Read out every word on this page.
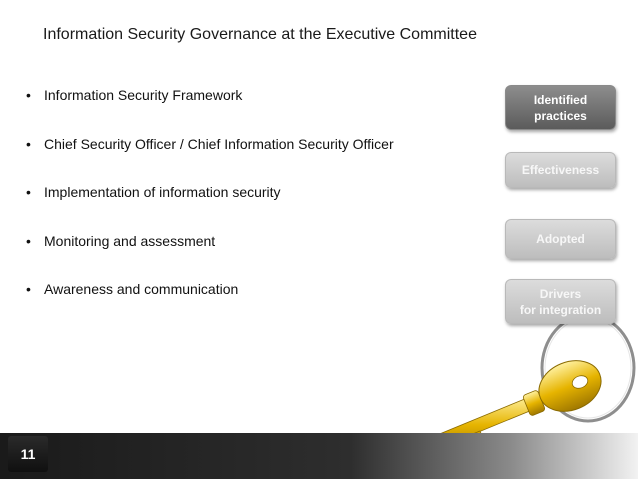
Information Security Governance at the Executive Committee
• Information Security Framework
• Chief Security Officer / Chief Information Security Officer
• Implementation of information security
• Monitoring and assessment
• Awareness and communication
Identified
practices
Effectiveness
Adopted
Drivers
for integration
11
